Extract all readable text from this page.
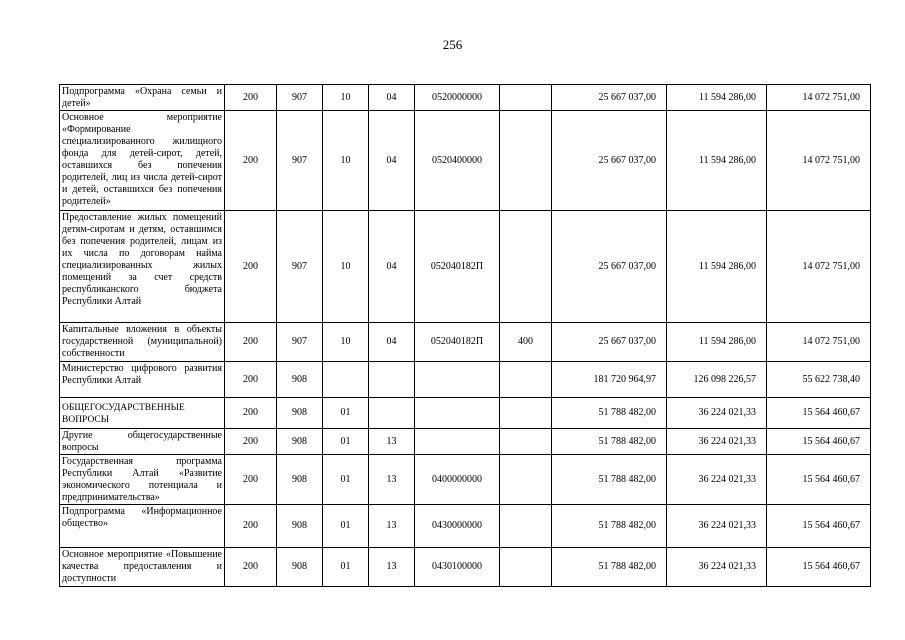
256
Подпрограмма «Охрана семьи и детей»	200	907	10	04	0520000000		25 667 037,00	11 594 286,00	14 072 751,00
Основное мероприятие «Формирование специализированного жилищного фонда для детей-сирот, детей, оставшихся без попечения родителей, лиц из числа детей-сирот и детей, оставшихся без попечения родителей»	200	907	10	04	0520400000		25 667 037,00	11 594 286,00	14 072 751,00
Предоставление жилых помещений детям-сиротам и детям, оставшимся без попечения родителей, лицам из их числа по договорам найма специализированных жилых помещений за счет средств республиканского бюджета Республики Алтай	200	907	10	04	052040182П		25 667 037,00	11 594 286,00	14 072 751,00
Капитальные вложения в объекты государственной (муниципальной) собственности	200	907	10	04	052040182П	400	25 667 037,00	11 594 286,00	14 072 751,00
Министерство цифрового развития Республики Алтай	200	908					181 720 964,97	126 098 226,57	55 622 738,40
ОБЩЕГОСУДАРСТВЕННЫЕ ВОПРОСЫ	200	908	01				51 788 482,00	36 224 021,33	15 564 460,67
Другие общегосударственные вопросы	200	908	01	13			51 788 482,00	36 224 021,33	15 564 460,67
Государственная программа Республики Алтай «Развитие экономического потенциала и предпринимательства»	200	908	01	13	0400000000		51 788 482,00	36 224 021,33	15 564 460,67
Подпрограмма «Информационное общество»	200	908	01	13	0430000000		51 788 482,00	36 224 021,33	15 564 460,67
Основное мероприятие «Повышение качества предоставления и доступности	200	908	01	13	0430100000		51 788 482,00	36 224 021,33	15 564 460,67
